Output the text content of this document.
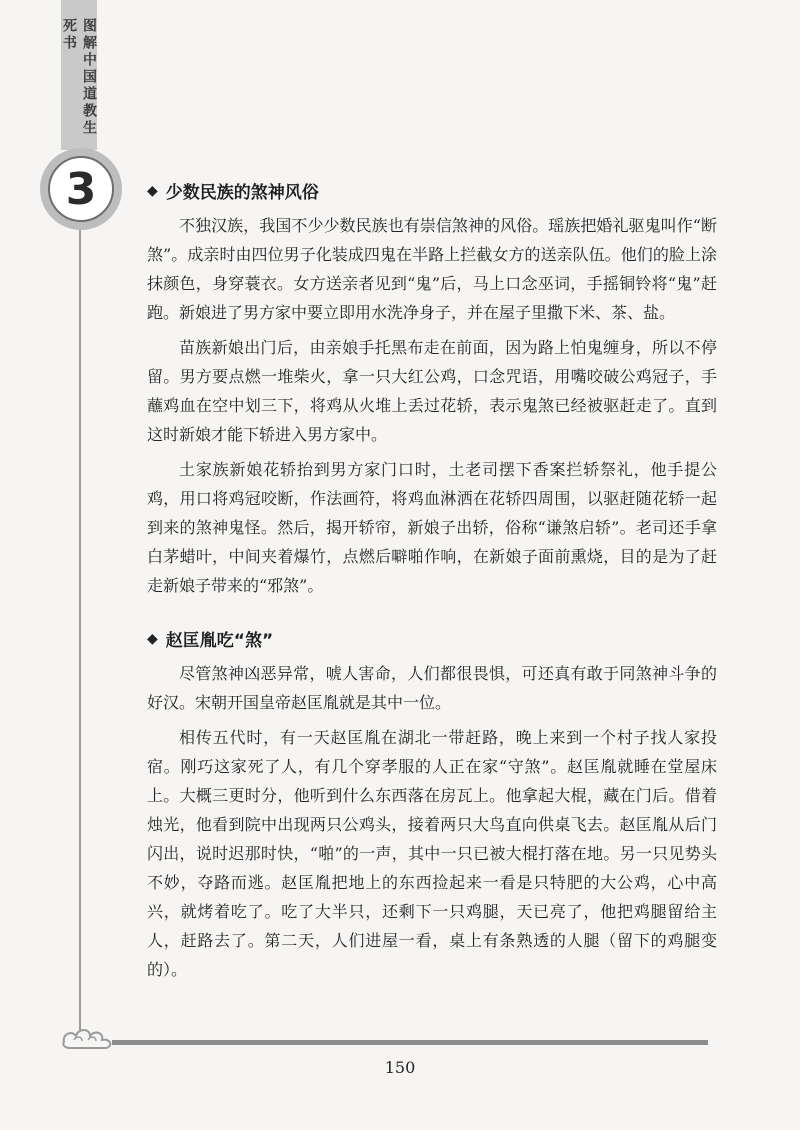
图解中国道教生死书
3	◆ 少数民族的煞神风俗

不独汉族，我国不少少数民族也有崇信煞神的风俗。瑶族把婚礼驱鬼叫作“断煞”。成亲时由四位男子化装成四鬼在半路上拦截女方的送亲队伍。他们的脸上涂抹颜色，身穿蓑衣。女方送亲者见到“鬼”后，马上口念巫词，手摇铜铃将“鬼”赶跑。新娘进了男方家中要立即用水洗净身子，并在屋子里撒下米、茶、盐。

苗族新娘出门后，由亲娘手托黑布走在前面，因为路上怕鬼缠身，所以不停留。男方要点燃一堆柴火，拿一只大红公鸡，口念咒语，用嘴咬破公鸡冠子，手蘸鸡血在空中划三下，将鸡从火堆上丢过花轿，表示鬼煞已经被驱赶走了。直到这时新娘才能下轿进入男方家中。

土家族新娘花轿抬到男方家门口时，土老司摆下香案拦轿祭礼，他手提公鸡，用口将鸡冠咬断，作法画符，将鸡血淋洒在花轿四周围，以驱赶随花轿一起到来的煞神鬼怪。然后，揭开轿帘，新娘子出轿，俗称“谦煞启轿”。老司还手拿白茅蜡叶，中间夹着爆竹，点燃后噼啪作响，在新娘子面前熏烧，目的是为了赶走新娘子带来的“邪煞”。

◆ 赵匡胤吃“煞”

尽管煞神凶恶异常，唬人害命，人们都很畏惧，可还真有敢于同煞神斗争的好汉。宋朝开国皇帝赵匡胤就是其中一位。

相传五代时，有一天赵匡胤在湖北一带赶路，晚上来到一个村子找人家投宿。刚巧这家死了人，有几个穿孝服的人正在家“守煞”。赵匡胤就睡在堂屋床上。大概三更时分，他听到什么东西落在房瓦上。他拿起大棍，藏在门后。借着烛光，他看到院中出现两只公鸡头，接着两只大鸟直向供桌飞去。赵匡胤从后门闪出，说时迟那时快，“啪”的一声，其中一只已被大棍打落在地。另一只见势头不妙，夺路而逃。赵匡胤把地上的东西捡起来一看是只特肥的大公鸡，心中高兴，就烤着吃了。吃了大半只，还剩下一只鸡腿，天已亮了，他把鸡腿留给主人，赶路去了。第二天，人们进屋一看，桌上有条熟透的人腿（留下的鸡腿变的）。

150
